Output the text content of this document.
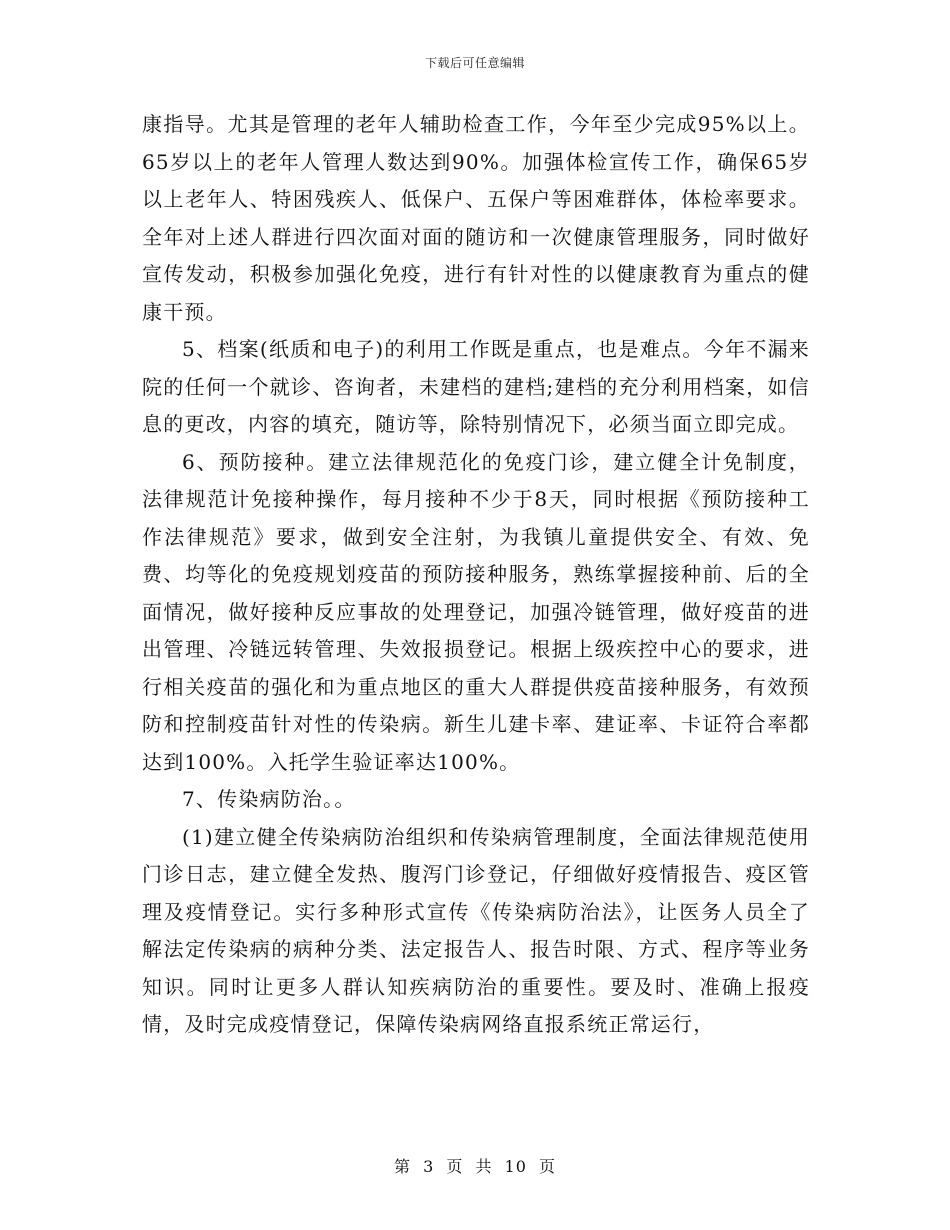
下载后可任意编辑

康指导。尤其是管理的老年人辅助检查工作，今年至少完成95%以上。65岁以上的老年人管理人数达到90%。加强体检宣传工作，确保65岁以上老年人、特困残疾人、低保户、五保户等困难群体，体检率要求。全年对上述人群进行四次面对面的随访和一次健康管理服务，同时做好宣传发动，积极参加强化免疫，进行有针对性的以健康教育为重点的健康干预。

5、档案(纸质和电子)的利用工作既是重点，也是难点。今年不漏来院的任何一个就诊、咨询者，未建档的建档;建档的充分利用档案，如信息的更改，内容的填充，随访等，除特别情况下，必须当面立即完成。

6、预防接种。建立法律规范化的免疫门诊，建立健全计免制度，法律规范计免接种操作，每月接种不少于8天，同时根据《预防接种工作法律规范》要求，做到安全注射，为我镇儿童提供安全、有效、免费、均等化的免疫规划疫苗的预防接种服务，熟练掌握接种前、后的全面情况，做好接种反应事故的处理登记，加强冷链管理，做好疫苗的进出管理、冷链远转管理、失效报损登记。根据上级疾控中心的要求，进行相关疫苗的强化和为重点地区的重大人群提供疫苗接种服务，有效预防和控制疫苗针对性的传染病。新生儿建卡率、建证率、卡证符合率都达到100%。入托学生验证率达100%。

7、传染病防治。。

(1)建立健全传染病防治组织和传染病管理制度，全面法律规范使用门诊日志，建立健全发热、腹泻门诊登记，仔细做好疫情报告、疫区管理及疫情登记。实行多种形式宣传《传染病防治法》，让医务人员全了解法定传染病的病种分类、法定报告人、报告时限、方式、程序等业务知识。同时让更多人群认知疾病防治的重要性。要及时、准确上报疫情，及时完成疫情登记，保障传染病网络直报系统正常运行，

第 3 页 共 10 页
